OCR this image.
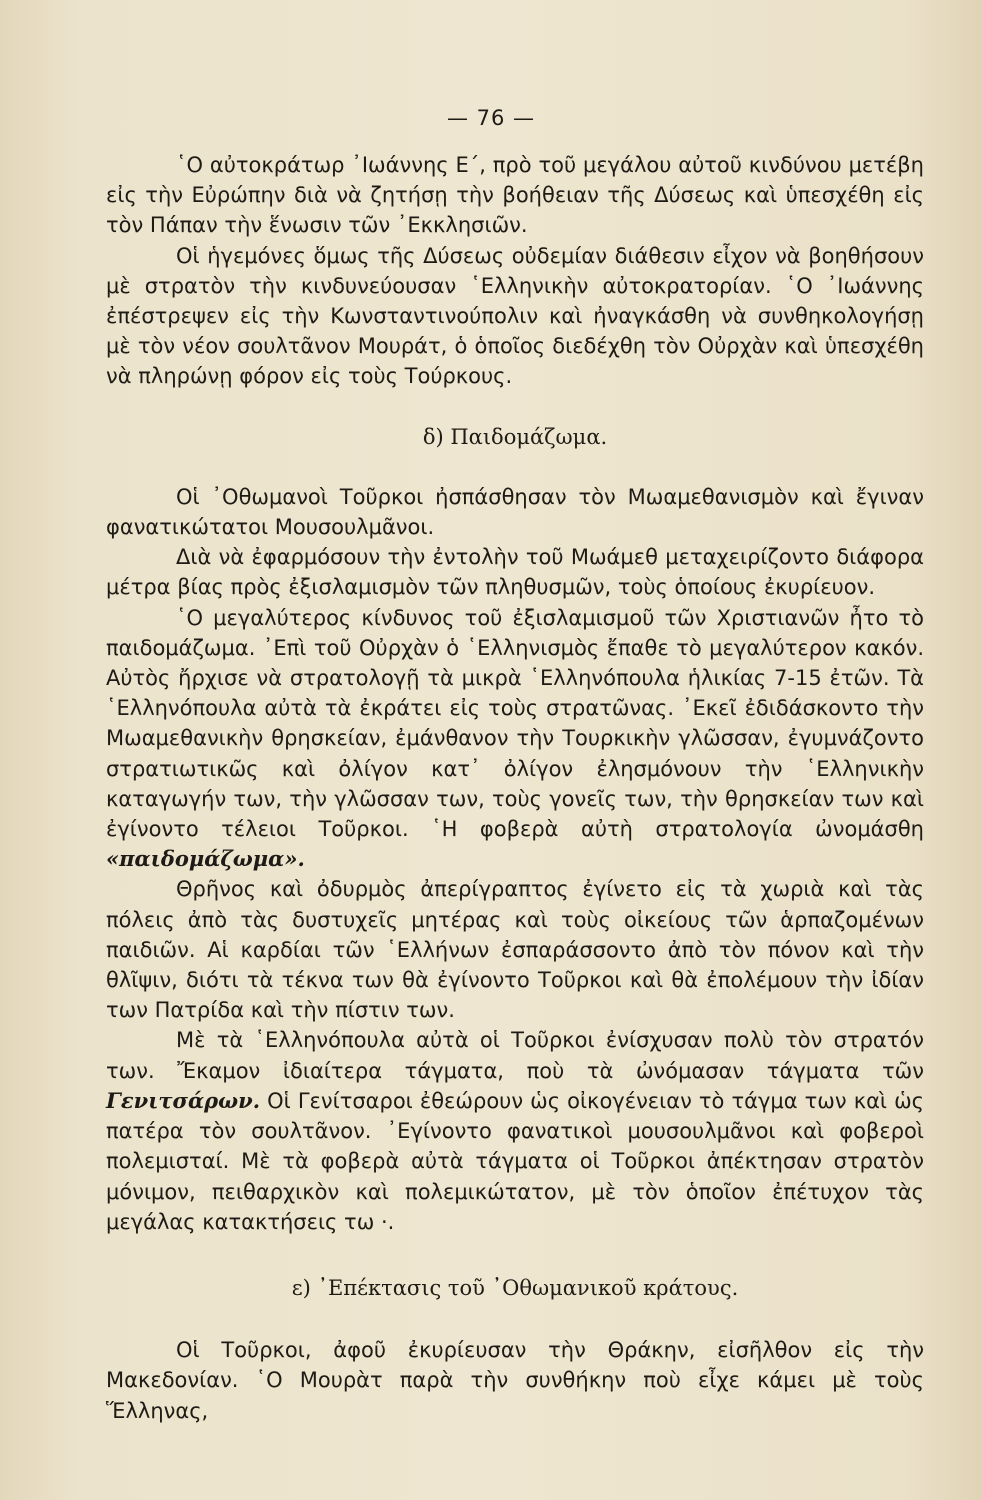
— 76 —

῾Ο αὐτοκράτωρ ᾿Ιωάννης Ε΄, πρὸ τοῦ μεγάλου αὐτοῦ κινδύνου μετέβη εἰς τὴν Εὐρώπην διὰ νὰ ζητήσῃ τὴν βοήθειαν τῆς Δύσεως καὶ ὑπεσχέθη εἰς τὸν Πάπαν τὴν ἕνωσιν τῶν ᾿Εκκλησιῶν.

Οἱ ἡγεμόνες ὅμως τῆς Δύσεως οὐδεμίαν διάθεσιν εἶχον νὰ βοηθήσουν μὲ στρατὸν τὴν κινδυνεύουσαν ῾Ελληνικὴν αὐτοκρατορίαν. ῾Ο ᾿Ιωάννης ἐπέστρεψεν εἰς τὴν Κωνσταντινούπολιν καὶ ἠναγκάσθη νὰ συνθηκολογήσῃ μὲ τὸν νέον σουλτᾶνον Μουράτ, ὁ ὁποῖος διεδέχθη τὸν Οὐρχὰν καὶ ὑπεσχέθη νὰ πληρώνῃ φόρον εἰς τοὺς Τούρκους.

δ) Παιδομάζωμα.

Οἱ ᾿Οθωμανοὶ Τοῦρκοι ἠσπάσθησαν τὸν Μωαμεθανισμὸν καὶ ἔγιναν φανατικώτατοι Μουσουλμᾶνοι.

Διὰ νὰ ἐφαρμόσουν τὴν ἐντολὴν τοῦ Μωάμεθ μεταχειρίζοντο διάφορα μέτρα βίας πρὸς ἐξισλαμισμὸν τῶν πληθυσμῶν, τοὺς ὁποίους ἐκυρίευον.

῾Ο μεγαλύτερος κίνδυνος τοῦ ἐξισλαμισμοῦ τῶν Χριστιανῶν ἦτο τὸ παιδομάζωμα. ᾿Επὶ τοῦ Οὐρχὰν ὁ ῾Ελληνισμὸς ἔπαθε τὸ μεγαλύτερον κακόν. Αὐτὸς ἤρχισε νὰ στρατολογῇ τὰ μικρὰ ῾Ελληνόπουλα ἡλικίας 7-15 ἐτῶν. Τὰ ῾Ελληνόπουλα αὐτὰ τὰ ἐκράτει εἰς τοὺς στρατῶνας. ᾿Εκεῖ ἐδιδάσκοντο τὴν Μωαμεθανικὴν θρησκείαν, ἐμάνθανον τὴν Τουρκικὴν γλῶσσαν, ἐγυμνάζοντο στρατιωτικῶς καὶ ὀλίγον κατ᾿ ὀλίγον ἐλησμόνουν τὴν ῾Ελληνικὴν καταγωγήν των, τὴν γλῶσσαν των, τοὺς γονεῖς των, τὴν θρησκείαν των καὶ ἐγίνοντο τέλειοι Τοῦρκοι. ῾Η φοβερὰ αὐτὴ στρατολογία ὠνομάσθη «παιδομάζωμα».

Θρῆνος καὶ ὀδυρμὸς ἀπερίγραπτος ἐγίνετο εἰς τὰ χωριὰ καὶ τὰς πόλεις ἀπὸ τὰς δυστυχεῖς μητέρας καὶ τοὺς οἰκείους τῶν ἁρπαζομένων παιδιῶν. Αἱ καρδίαι τῶν ῾Ελλήνων ἐσπαράσσοντο ἀπὸ τὸν πόνον καὶ τὴν θλῖψιν, διότι τὰ τέκνα των θὰ ἐγίνοντο Τοῦρκοι καὶ θὰ ἐπολέμουν τὴν ἰδίαν των Πατρίδα καὶ τὴν πίστιν των.

Μὲ τὰ ῾Ελληνόπουλα αὐτὰ οἱ Τοῦρκοι ἐνίσχυσαν πολὺ τὸν στρατόν των. Ἔκαμον ἰδιαίτερα τάγματα, ποὺ τὰ ὠνόμασαν τάγματα τῶν Γενιτσάρων. Οἱ Γενίτσαροι ἐθεώρουν ὡς οἰκογένειαν τὸ τάγμα των καὶ ὡς πατέρα τὸν σουλτᾶνον. ᾿Εγίνοντο φανατικοὶ μουσουλμᾶνοι καὶ φοβεροὶ πολεμισταί. Μὲ τὰ φοβερὰ αὐτὰ τάγματα οἱ Τοῦρκοι ἀπέκτησαν στρατὸν μόνιμον, πειθαρχικὸν καὶ πολεμικώτατον, μὲ τὸν ὁποῖον ἐπέτυχον τὰς μεγάλας κατακτήσεις τω ·.

ε) ᾿Επέκτασις τοῦ ᾿Οθωμανικοῦ κράτους.

Οἱ Τοῦρκοι, ἀφοῦ ἐκυρίευσαν τὴν Θράκην, εἰσῆλθον εἰς τὴν Μακεδονίαν. ῾Ο Μουρὰτ παρὰ τὴν συνθήκην ποὺ εἶχε κάμει μὲ τοὺς Ἕλληνας,
